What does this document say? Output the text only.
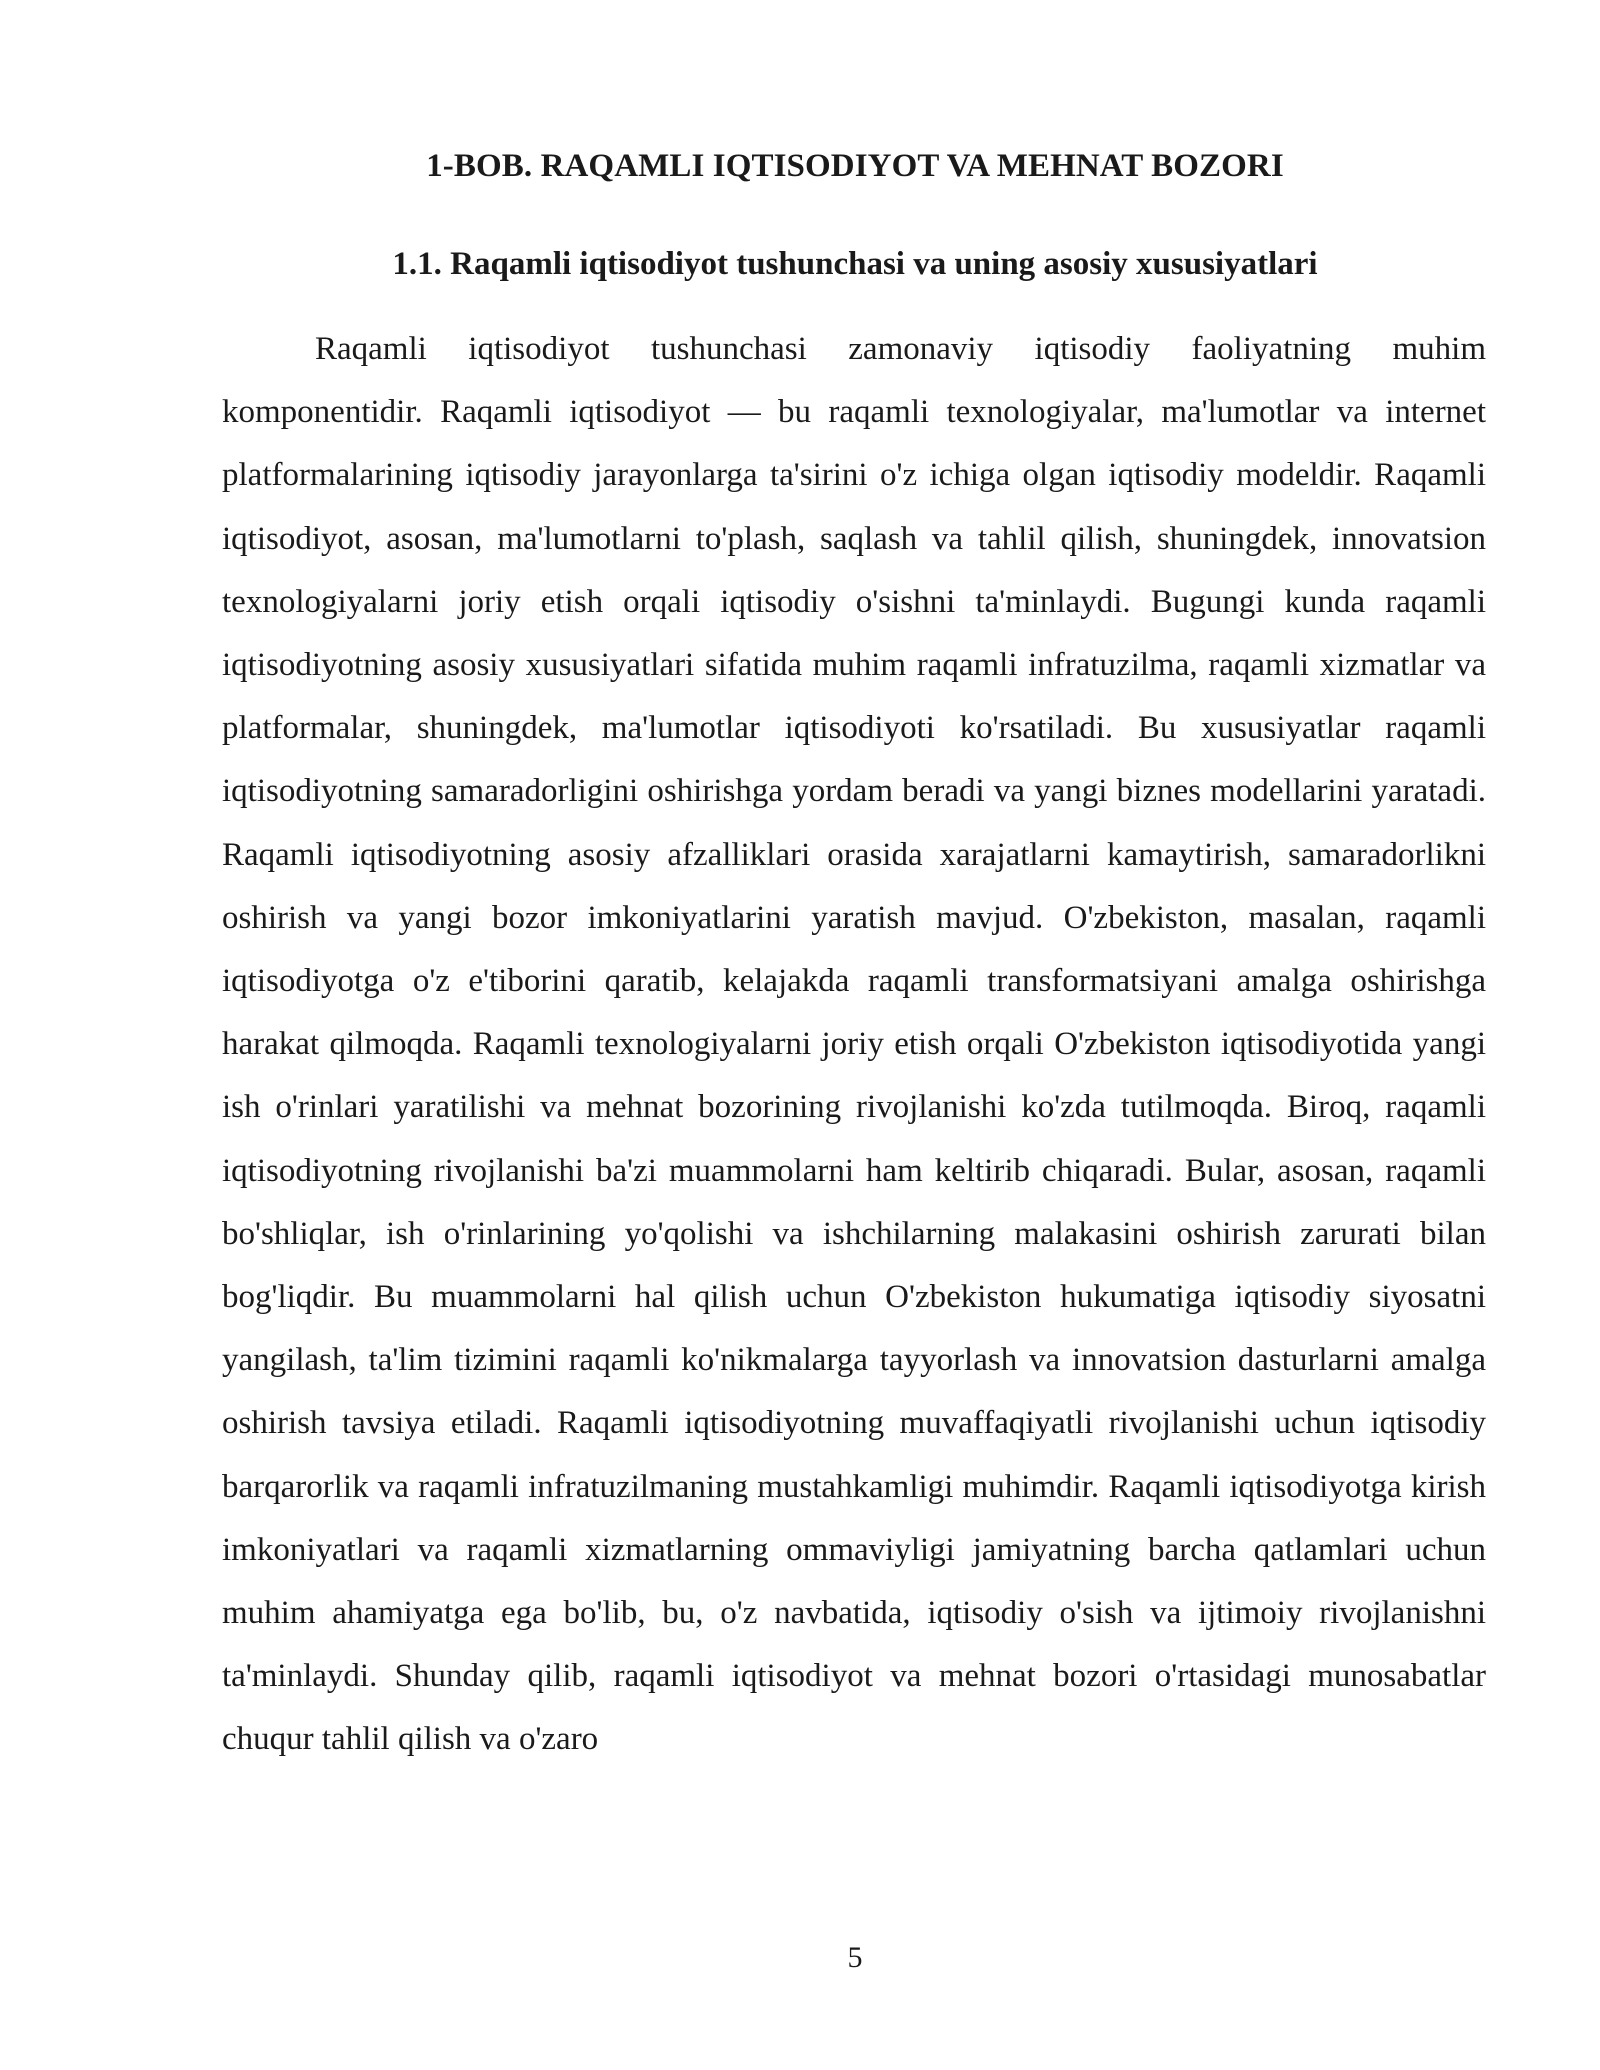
1-BOB. RAQAMLI IQTISODIYOT VA MEHNAT BOZORI
1.1. Raqamli iqtisodiyot tushunchasi va uning asosiy xususiyatlari

Raqamli iqtisodiyot tushunchasi zamonaviy iqtisodiy faoliyatning muhim komponentidir. Raqamli iqtisodiyot — bu raqamli texnologiyalar, ma'lumotlar va internet platformalarining iqtisodiy jarayonlarga ta'sirini o'z ichiga olgan iqtisodiy modeldir. Raqamli iqtisodiyot, asosan, ma'lumotlarni to'plash, saqlash va tahlil qilish, shuningdek, innovatsion texnologiyalarni joriy etish orqali iqtisodiy o'sishni ta'minlaydi. Bugungi kunda raqamli iqtisodiyotning asosiy xususiyatlari sifatida muhim raqamli infratuzilma, raqamli xizmatlar va platformalar, shuningdek, ma'lumotlar iqtisodiyoti ko'rsatiladi. Bu xususiyatlar raqamli iqtisodiyotning samaradorligini oshirishga yordam beradi va yangi biznes modellarini yaratadi. Raqamli iqtisodiyotning asosiy afzalliklari orasida xarajatlarni kamaytirish, samaradorlikni oshirish va yangi bozor imkoniyatlarini yaratish mavjud. O'zbekiston, masalan, raqamli iqtisodiyotga o'z e'tiborini qaratib, kelajakda raqamli transformatsiyani amalga oshirishga harakat qilmoqda. Raqamli texnologiyalarni joriy etish orqali O'zbekiston iqtisodiyotida yangi ish o'rinlari yaratilishi va mehnat bozorining rivojlanishi ko'zda tutilmoqda. Biroq, raqamli iqtisodiyotning rivojlanishi ba'zi muammolarni ham keltirib chiqaradi. Bular, asosan, raqamli bo'shliqlar, ish o'rinlarining yo'qolishi va ishchilarning malakasini oshirish zarurati bilan bog'liqdir. Bu muammolarni hal qilish uchun O'zbekiston hukumatiga iqtisodiy siyosatni yangilash, ta'lim tizimini raqamli ko'nikmalarga tayyorlash va innovatsion dasturlarni amalga oshirish tavsiya etiladi. Raqamli iqtisodiyotning muvaffaqiyatli rivojlanishi uchun iqtisodiy barqarorlik va raqamli infratuzilmaning mustahkamligi muhimdir. Raqamli iqtisodiyotga kirish imkoniyatlari va raqamli xizmatlarning ommaviyligi jamiyatning barcha qatlamlari uchun muhim ahamiyatga ega bo'lib, bu, o'z navbatida, iqtisodiy o'sish va ijtimoiy rivojlanishni ta'minlaydi. Shunday qilib, raqamli iqtisodiyot va mehnat bozori o'rtasidagi munosabatlar chuqur tahlil qilish va o'zaro

5
